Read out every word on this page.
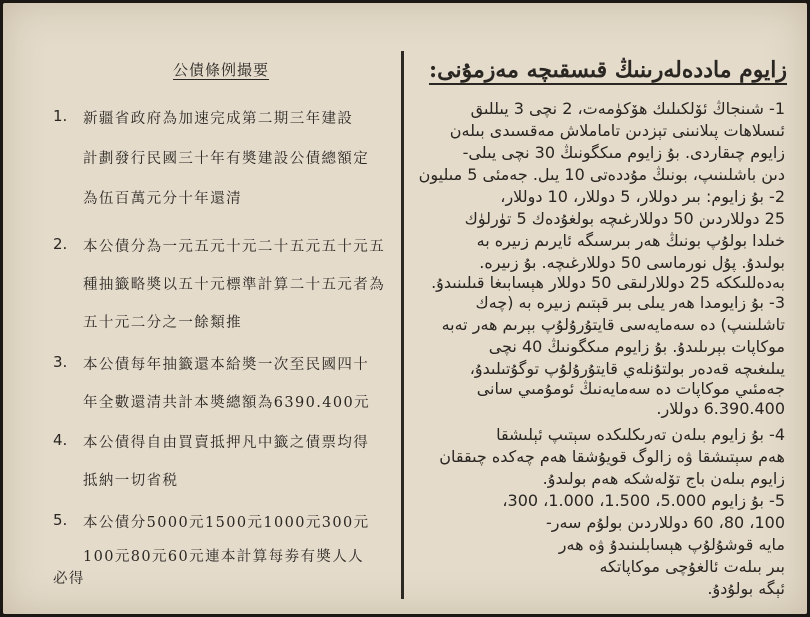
公債條例撮要
1.	新疆省政府為加速完成第二期三年建設
計劃發行民國三十年有奬建設公債總額定
為伍百萬元分十年還清
2.	本公債分為一元五元十元二十五元五十元五
種抽籤略奬以五十元標準計算二十五元者為
五十元二分之一餘類推
3.	本公債每年抽籤還本給奬一次至民國四十
年全數還清共計本奬總額為6390.400元
4.	本公債得自由買賣抵押凡中籤之債票均得
抵納一切省税
5.	本公債分5000元1500元1000元300元
100元80元60元連本計算每劵有奬人人
必得
زايوم ماددەلەرىنىڭ قىسقىچە مەزمۇنى:
1- شىنجاڭ ئۆلكىلىك ھۆكۈمەت، 2 نچى 3 يىللىق
ئىسلاھات پىلانىنى تېزدىن تاماملاش مەقسىدى بىلەن
زايوم چىقاردى. بۇ زايوم مىكگونىڭ 30 نچى يىلى-
دىن باشلىنىپ، بونىڭ مۇددەتى 10 يىل. جەمئى 5 مىليون
2- بۇ زايوم: بىر دوللار، 5 دوللار، 10 دوللار،
25 دوللاردىن 50 دوللارغىچە بولغۇدەك 5 تۈرلۈك
خىلدا بولۇپ بونىڭ ھەر بىرسىگە ئايرىم زىيرە بە
بولىدۇ. پۇل نورماسى 50 دوللارغىچە. بۇ زىيرە.
بەدەللىككە 25 دوللارلىقى 50 دوللار ھېسابىغا قىلىنىدۇ.
3- بۇ زايومدا ھەر يىلى بىر قېتىم زىيرە بە (چەك
تاشلىنىپ) دە سەمايەسى قايتۇرۇلۇپ بېرىم ھەر تەبە
موكاپات بېرىلىدۇ. بۇ زايوم مىكگونىڭ 40 نچى
يىلىغىچە قەدەر بولتۇنلەي قايتۇرۇلۇپ توگۇتىلىدۇ،
جەمئىي موكاپات دە سەمايەنىڭ ئومۇمىي سانى
6.390.400 دوللار.
4- بۇ زايوم بىلەن تەرىكلىكدە سېتىپ ئېلىشقا
ھەم سېتىشقا ۋە زالوگ قويۇشقا ھەم چەكدە چىققان
زايوم بىلەن باج تۆلەشكە ھەم بولىدۇ.
5- بۇ زايوم 5.000، 1.500، 1.000، 300،
100، 80، 60 دوللاردىن بولۇم سەر-
مايە قوشۇلۇپ ھېسابلىنىدۇ ۋە ھەر
بىر بىلەت ئالغۇچى موكاپاتكە
ئېگە بولۇدۇ.
